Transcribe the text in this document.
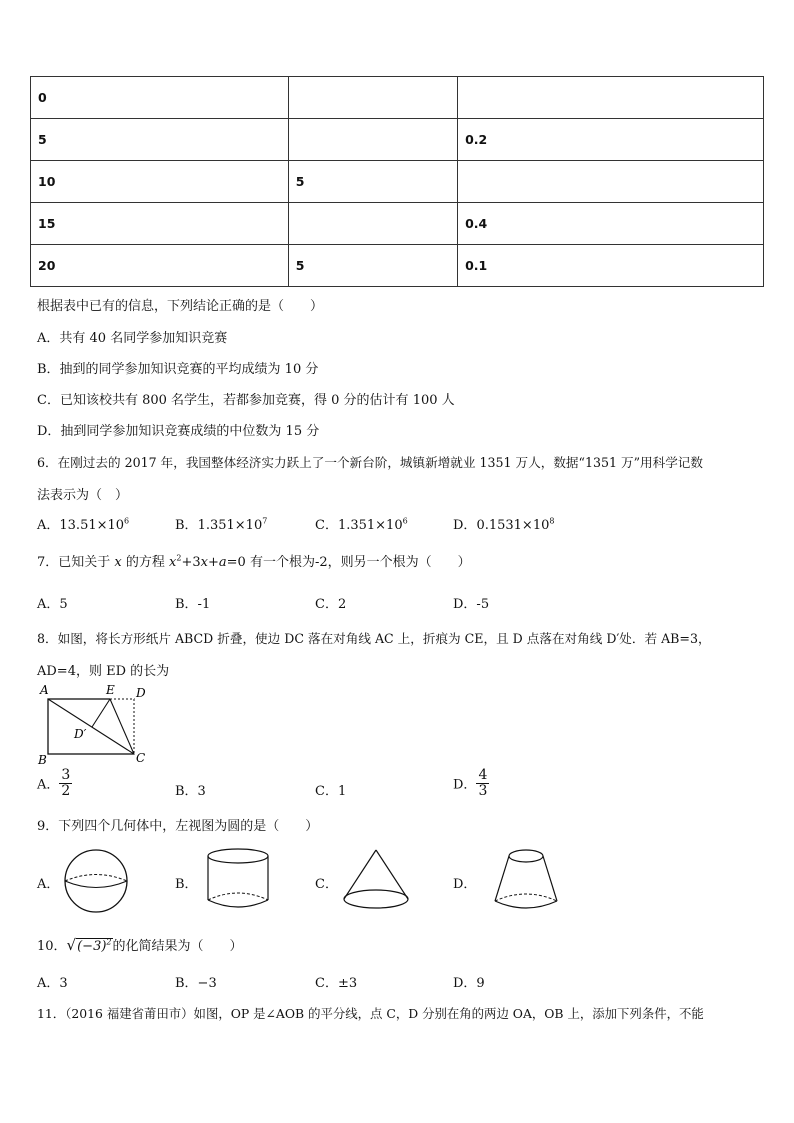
0		
5		0.2
10	5	
15		0.4
20	5	0.1
根据表中已有的信息，下列结论正确的是（　　）
A．共有 40 名同学参加知识竞赛
B．抽到的同学参加知识竞赛的平均成绩为 10 分
C．已知该校共有 800 名学生，若都参加竞赛，得 0 分的估计有 100 人
D．抽到同学参加知识竞赛成绩的中位数为 15 分
6．在刚过去的 2017 年，我国整体经济实力跃上了一个新台阶，城镇新增就业 1351 万人，数据“1351 万”用科学记数
法表示为（　）
A．$13.51\times 10^6$	B．$1.351\times 10^7$	C．$1.351\times 10^6$	D．$0.1531\times 10^8$
7．已知关于 x 的方程 $x^2+3x+a=0$ 有一个根为-2，则另一个根为（　　）
A．5	B．-1	C．2	D．-5
8．如图，将长方形纸片 ABCD 折叠，使边 DC 落在对角线 AC 上，折痕为 CE，且 D 点落在对角线 D′处．若 AB=3，
AD=4，则 ED 的长为
A	E D
D′
B	C
A． $\frac{3}{2}$	B．3	C．1	D． $\frac{4}{3}$
9．下列四个几何体中，左视图为圆的是（　　）
A．	B．	C．	D．
10．$√(-3)^2$的化简结果为（　　）
A．3	B．−3	C．±3	D．9
11．（2016 福建省莆田市）如图，OP 是∠AOB 的平分线，点 C，D 分别在角的两边 OA，OB 上，添加下列条件，不能
